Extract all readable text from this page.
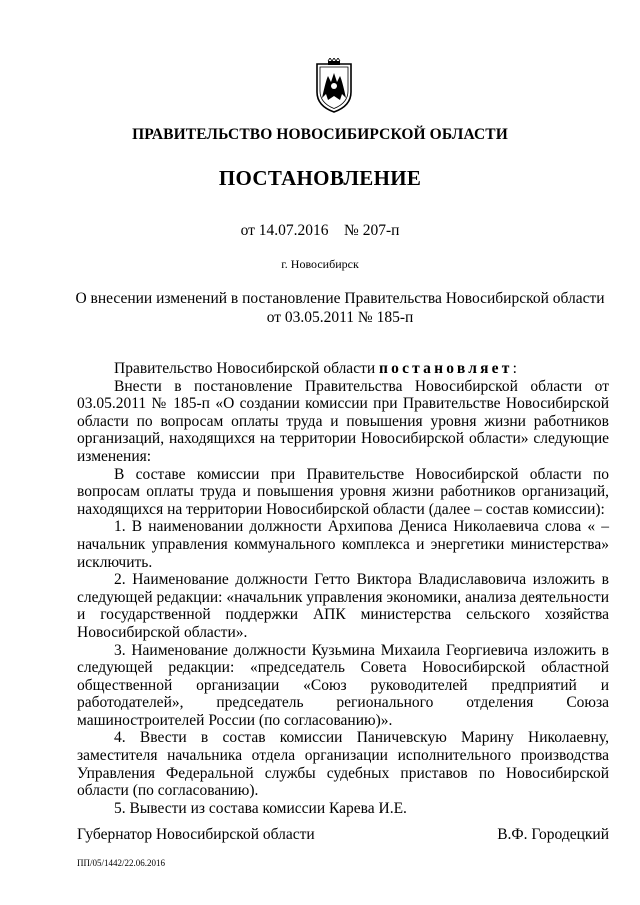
ПРАВИТЕЛЬСТВО НОВОСИБИРСКОЙ ОБЛАСТИ
ПОСТАНОВЛЕНИЕ
от 14.07.2016 № 207-п
г. Новосибирск
О внесении изменений в постановление Правительства Новосибирской области
от 03.05.2011 № 185-п

Правительство Новосибирской области постановляет:

Внести в постановление Правительства Новосибирской области от 03.05.2011 № 185-п «О создании комиссии при Правительстве Новосибирской области по вопросам оплаты труда и повышения уровня жизни работников организаций, находящихся на территории Новосибирской области» следующие изменения:

В составе комиссии при Правительстве Новосибирской области по вопросам оплаты труда и повышения уровня жизни работников организаций, находящихся на территории Новосибирской области (далее – состав комиссии):

1. В наименовании должности Архипова Дениса Николаевича слова « – начальник управления коммунального комплекса и энергетики министерства» исключить.

2. Наименование должности Гетто Виктора Владиславовича изложить в следующей редакции: «начальник управления экономики, анализа деятельности и государственной поддержки АПК министерства сельского хозяйства Новосибирской области».

3. Наименование должности Кузьмина Михаила Георгиевича изложить в следующей редакции: «председатель Совета Новосибирской областной общественной организации «Союз руководителей предприятий и работодателей», председатель регионального отделения Союза машиностроителей России (по согласованию)».

4. Ввести в состав комиссии Паничевскую Марину Николаевну, заместителя начальника отдела организации исполнительного производства Управления Федеральной службы судебных приставов по Новосибирской области (по согласованию).

5. Вывести из состава комиссии Карева И.Е.

Губернатор Новосибирской области	В.Ф. Городецкий
ПП/05/1442/22.06.2016
